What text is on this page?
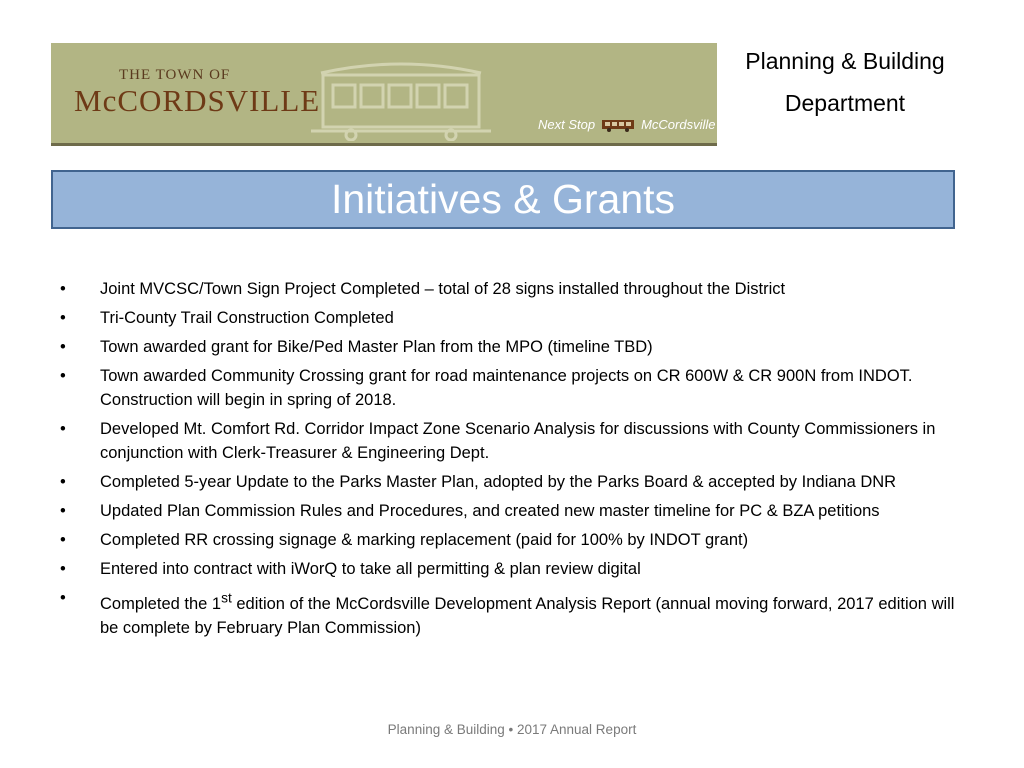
THE TOWN OF
McCORDSVILLE
Next Stop	McCordsville
Planning & Building
Department
Initiatives & Grants
• Joint MVCSC/Town Sign Project Completed – total of 28 signs installed throughout the District
• Tri-County Trail Construction Completed
• Town awarded grant for Bike/Ped Master Plan from the MPO (timeline TBD)
• Town awarded Community Crossing grant for road maintenance projects on CR 600W & CR 900N from INDOT. Construction will begin in spring of 2018.
• Developed Mt. Comfort Rd. Corridor Impact Zone Scenario Analysis for discussions with County Commissioners in conjunction with Clerk-Treasurer & Engineering Dept.
• Completed 5-year Update to the Parks Master Plan, adopted by the Parks Board & accepted by Indiana DNR
• Updated Plan Commission Rules and Procedures, and created new master timeline for PC & BZA petitions
• Completed RR crossing signage & marking replacement (paid for 100% by INDOT grant)
• Entered into contract with iWorQ to take all permitting & plan review digital
• Completed the 1st edition of the McCordsville Development Analysis Report (annual moving forward, 2017 edition will be complete by February Plan Commission)
Planning & Building • 2017 Annual Report
